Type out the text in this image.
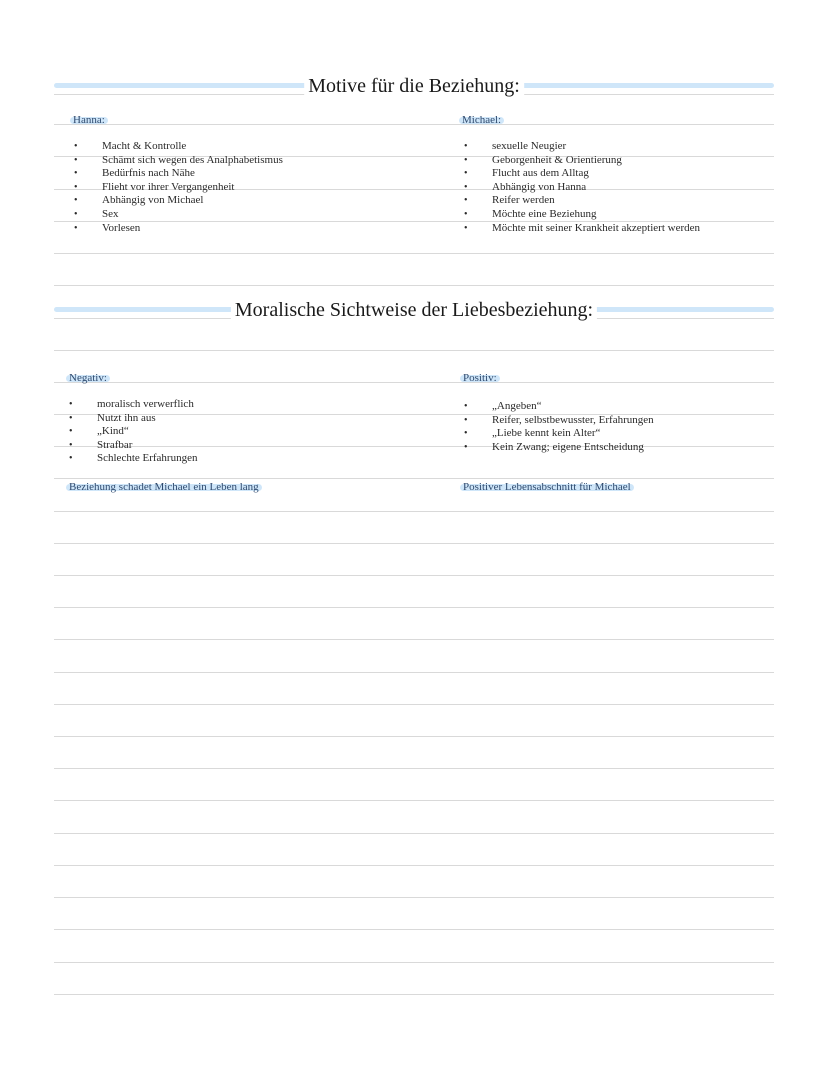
Motive für die Beziehung:
Hanna:
• Macht & Kontrolle
• Schämt sich wegen des Analphabetismus
• Bedürfnis nach Nähe
• Flieht vor ihrer Vergangenheit
• Abhängig von Michael
• Sex
• Vorlesen
Michael:
• sexuelle Neugier
• Geborgenheit & Orientierung
• Flucht aus dem Alltag
• Abhängig von Hanna
• Reifer werden
• Möchte eine Beziehung
• Möchte mit seiner Krankheit akzeptiert werden
Moralische Sichtweise der Liebesbeziehung:
Negativ:
• moralisch verwerflich
• Nutzt ihn aus
• „Kind“
• Strafbar
• Schlechte Erfahrungen
Beziehung schadet Michael ein Leben lang
Positiv:
• „Angeben“
• Reifer, selbstbewusster, Erfahrungen
• „Liebe kennt kein Alter“
• Kein Zwang; eigene Entscheidung
Positiver Lebensabschnitt für Michael
